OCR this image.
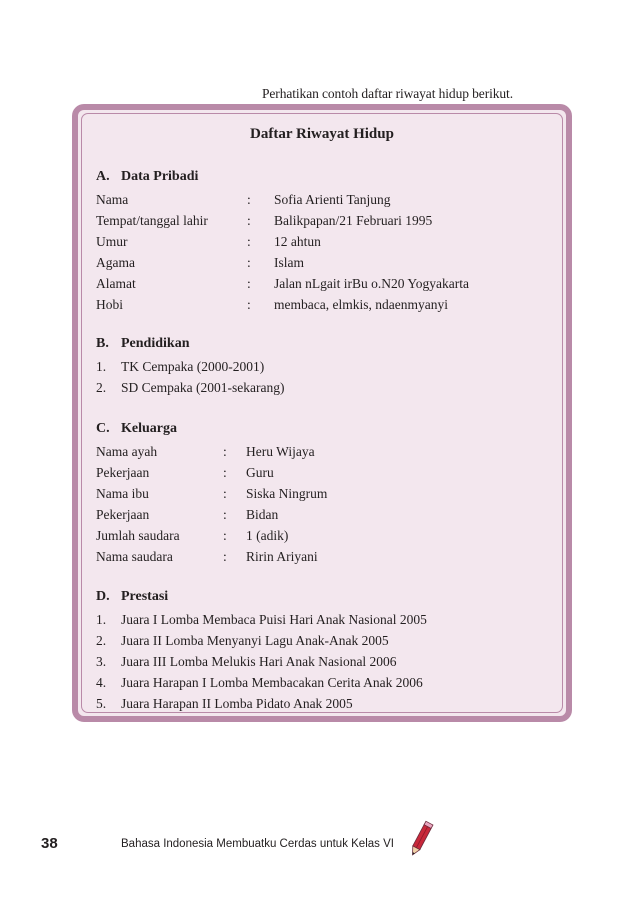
Perhatikan contoh daftar riwayat hidup berikut.
Daftar Riwayat Hidup
A. Data Pribadi
Nama	: Sofia Arienti Tanjung
Tempat/tanggal lahir	: Balikpapan/21 Februari 1995
Umur	: 12 ahtun
Agama	: Islam
Alamat	: Jalan nLgait irBu o.N20 Yogyakarta
Hobi	: membaca, elmkis, ndaenmyanyi
B. Pendidikan
1. TK Cempaka (2000-2001)
2. SD Cempaka (2001-sekarang)
C. Keluarga
Nama ayah	: Heru Wijaya
Pekerjaan	: Guru
Nama ibu	: Siska Ningrum
Pekerjaan	: Bidan
Jumlah saudara	: 1 (adik)
Nama saudara	: Ririn Ariyani
D. Prestasi
1. Juara I Lomba Membaca Puisi Hari Anak Nasional 2005
2. Juara II Lomba Menyanyi Lagu Anak-Anak 2005
3. Juara III Lomba Melukis Hari Anak Nasional 2006
4. Juara Harapan I Lomba Membacakan Cerita Anak 2006
5. Juara Harapan II Lomba Pidato Anak 2005
38	Bahasa Indonesia Membuatku Cerdas untuk Kelas VI
